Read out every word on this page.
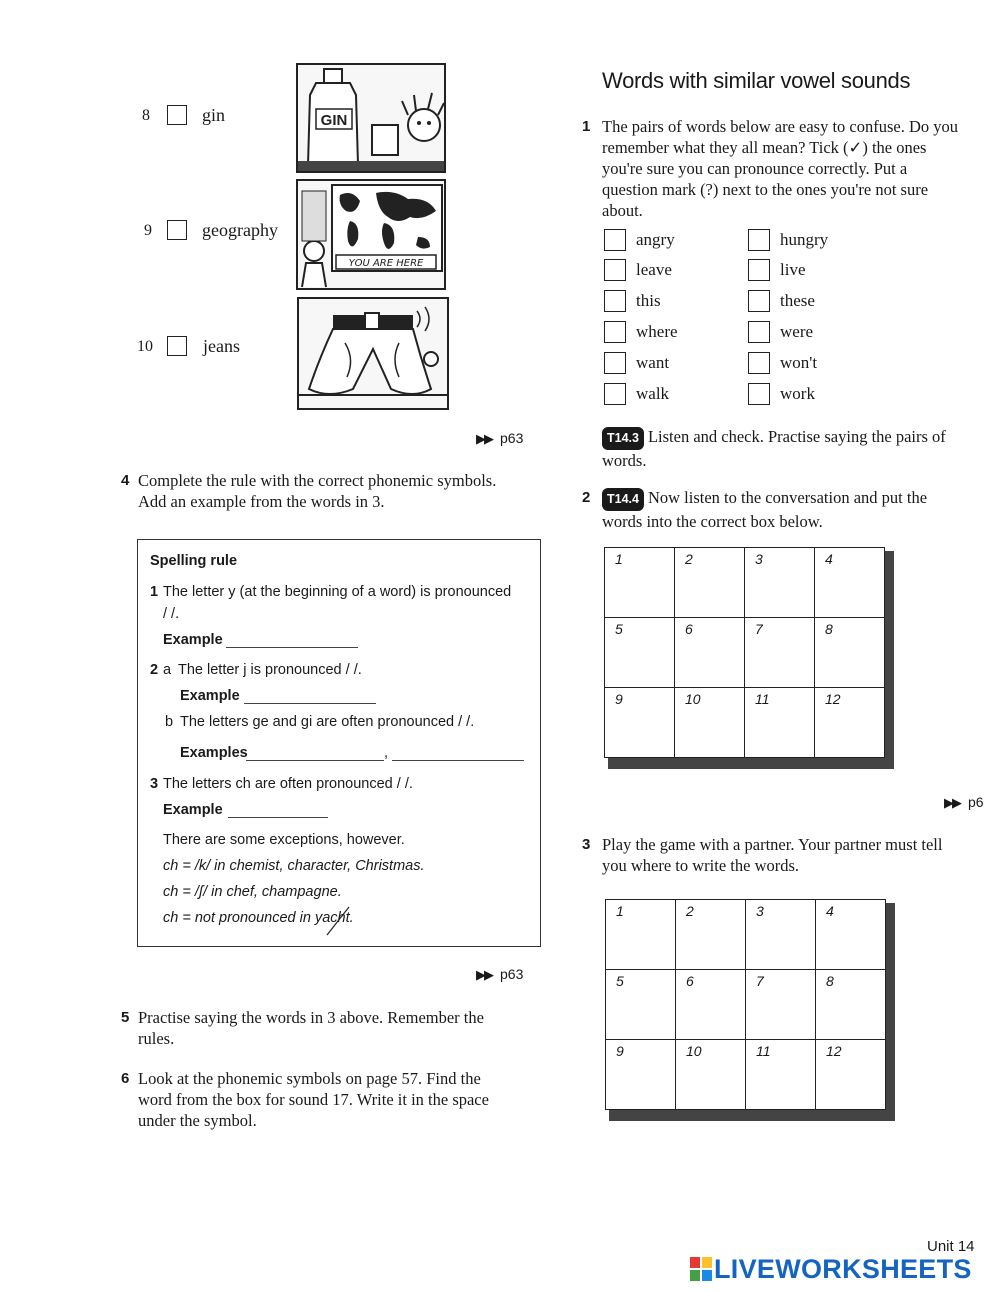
8	gin
9	geography
10	jeans
GIN
YOU ARE HERE
▶▶ p63
4 Complete the rule with the correct phonemic symbols.
Add an example from the words in 3.
Spelling rule
1 The letter y (at the beginning of a word) is pronounced
/ /.
Example
2 a The letter j is pronounced / /.
Example
b The letters ge and gi are often pronounced / /.
Examples	,
3 The letters ch are often pronounced / /.
Example
There are some exceptions, however.
ch = /k/ in chemist, character, Christmas.
ch = /ʃ/ in chef, champagne.
ch = not pronounced in yacht.
▶▶ p63
5 Practise saying the words in 3 above. Remember the
rules.
6 Look at the phonemic symbols on page 57. Find the
word from the box for sound 17. Write it in the space
under the symbol.
Words with similar vowel sounds
1 The pairs of words below are easy to confuse. Do you
remember what they all mean? Tick (✓) the ones
you're sure you can pronounce correctly. Put a
question mark (?) next to the ones you're not sure
about.
angry	hungry
leave	live
this	these
where	were
want	won't
walk	work
T14.3 Listen and check. Practise saying the pairs of
words.
2	T14.4 Now listen to the conversation and put the
words into the correct box below.
1	2	3	4
5	6	7	8
9	10	11	12
▶▶ p6
3 Play the game with a partner. Your partner must tell
you where to write the words.
1	2	3	4
5	6	7	8
9	10	11	12
Unit 14
LIVEWORKSHEETS
